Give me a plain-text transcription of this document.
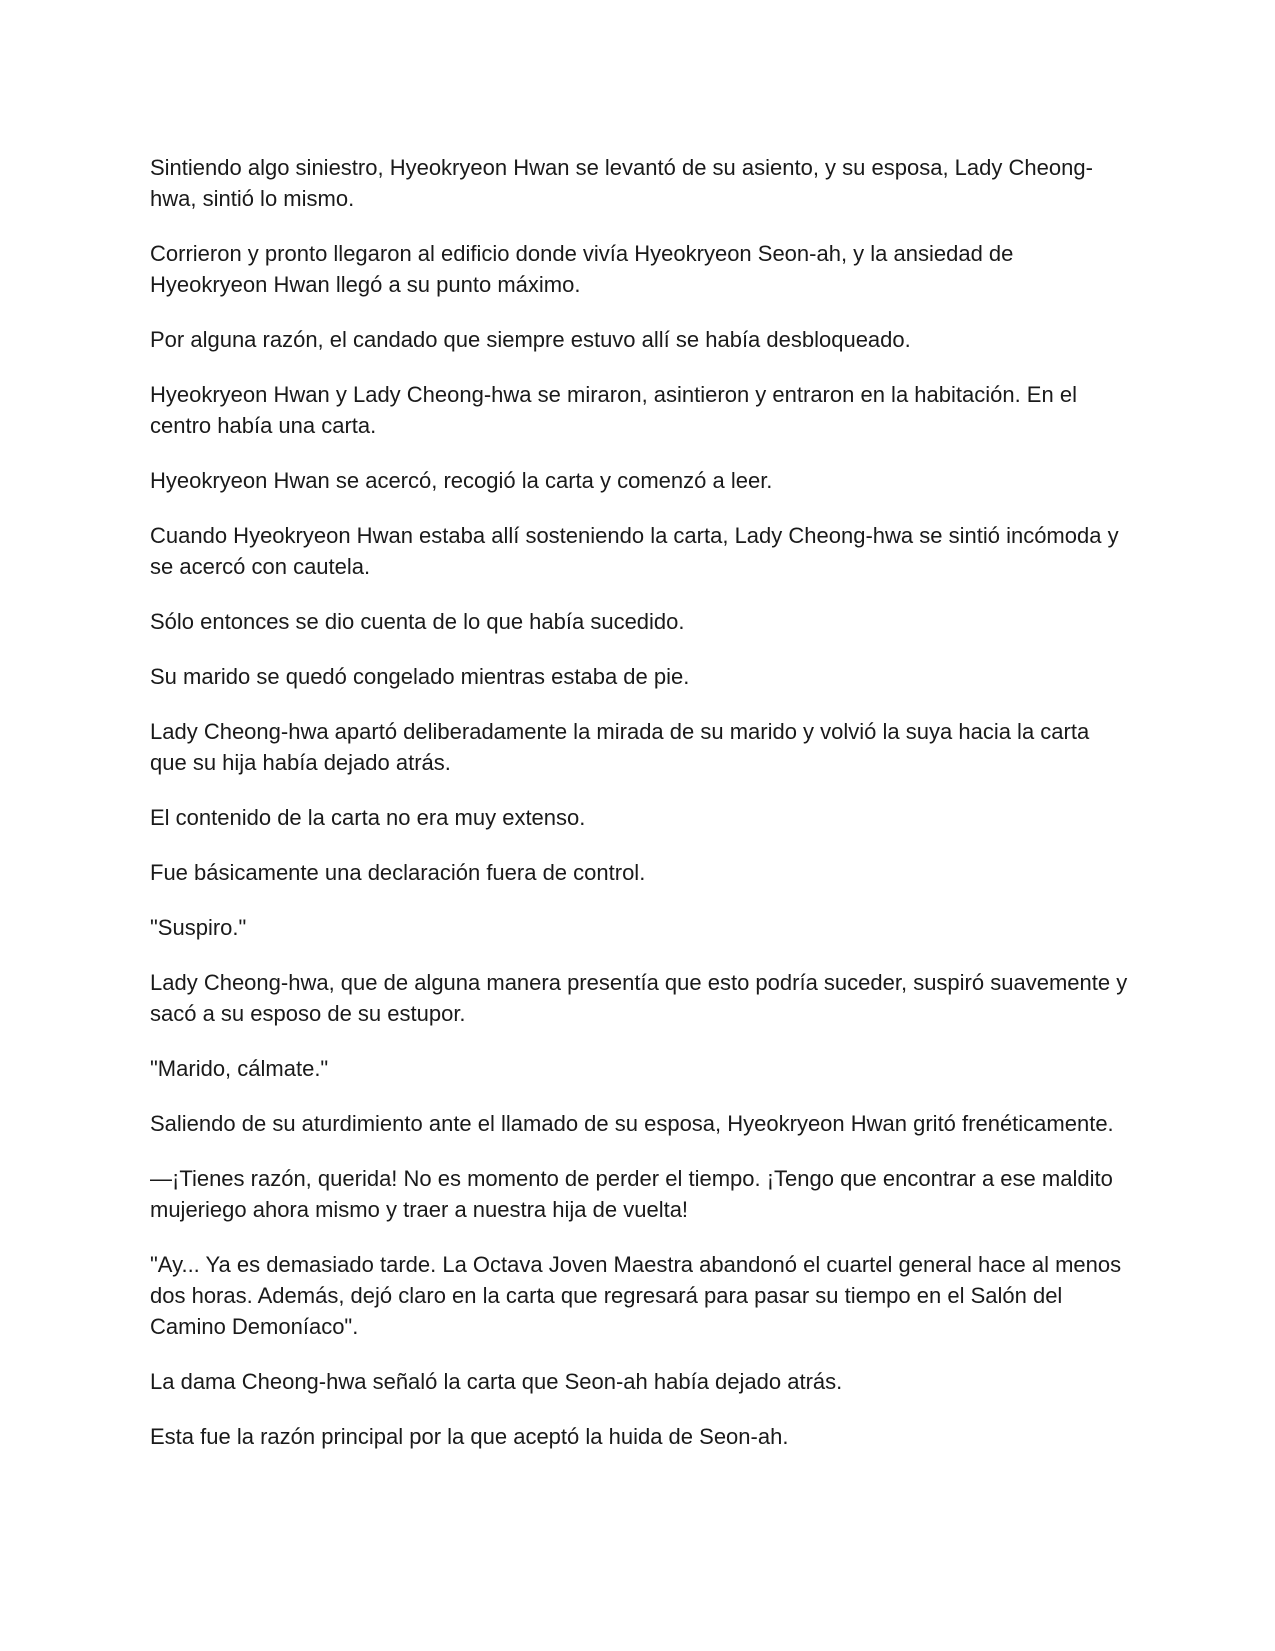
Sintiendo algo siniestro, Hyeokryeon Hwan se levantó de su asiento, y su esposa, Lady Cheong-hwa, sintió lo mismo.

Corrieron y pronto llegaron al edificio donde vivía Hyeokryeon Seon-ah, y la ansiedad de Hyeokryeon Hwan llegó a su punto máximo.

Por alguna razón, el candado que siempre estuvo allí se había desbloqueado.

Hyeokryeon Hwan y Lady Cheong-hwa se miraron, asintieron y entraron en la habitación. En el centro había una carta.

Hyeokryeon Hwan se acercó, recogió la carta y comenzó a leer.

Cuando Hyeokryeon Hwan estaba allí sosteniendo la carta, Lady Cheong-hwa se sintió incómoda y se acercó con cautela.

Sólo entonces se dio cuenta de lo que había sucedido.

Su marido se quedó congelado mientras estaba de pie.

Lady Cheong-hwa apartó deliberadamente la mirada de su marido y volvió la suya hacia la carta que su hija había dejado atrás.

El contenido de la carta no era muy extenso.

Fue básicamente una declaración fuera de control.

"Suspiro."

Lady Cheong-hwa, que de alguna manera presentía que esto podría suceder, suspiró suavemente y sacó a su esposo de su estupor.

"Marido, cálmate."

Saliendo de su aturdimiento ante el llamado de su esposa, Hyeokryeon Hwan gritó frenéticamente.

—¡Tienes razón, querida! No es momento de perder el tiempo. ¡Tengo que encontrar a ese maldito mujeriego ahora mismo y traer a nuestra hija de vuelta!

"Ay... Ya es demasiado tarde. La Octava Joven Maestra abandonó el cuartel general hace al menos dos horas. Además, dejó claro en la carta que regresará para pasar su tiempo en el Salón del Camino Demoníaco".

La dama Cheong-hwa señaló la carta que Seon-ah había dejado atrás.

Esta fue la razón principal por la que aceptó la huida de Seon-ah.
